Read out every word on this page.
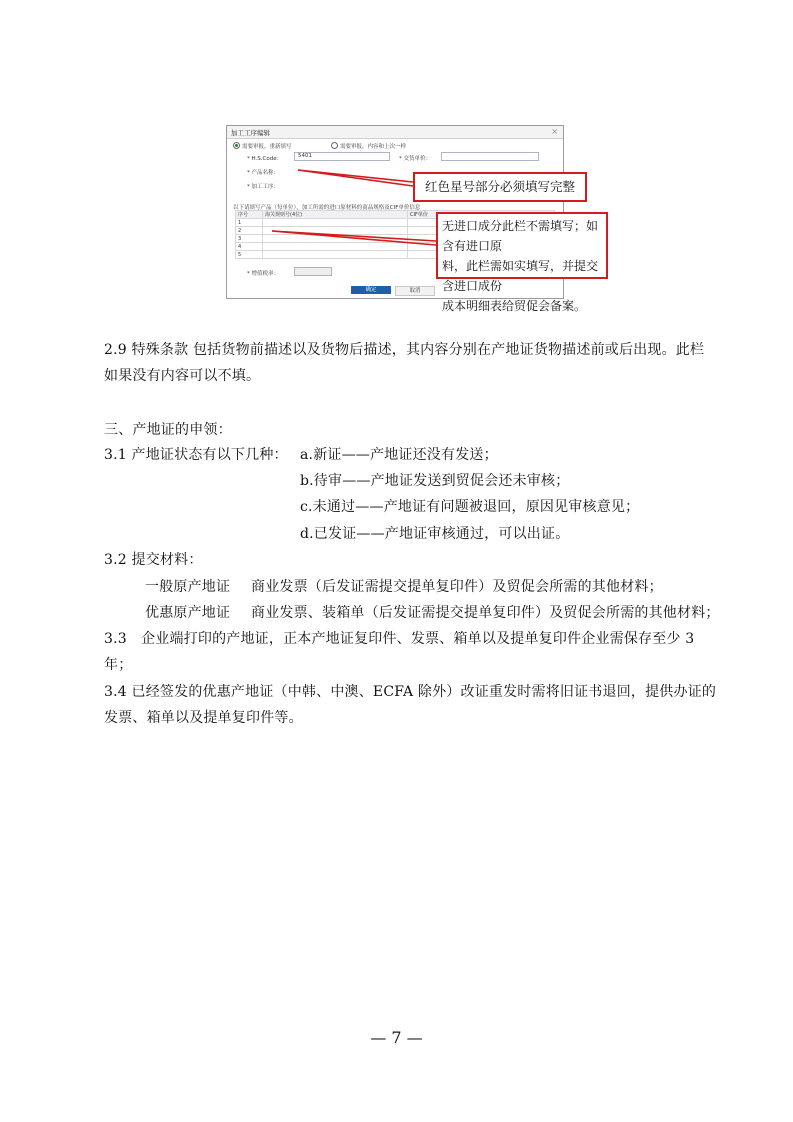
加工工序编辑	×
需要审报，重新填写	需要审报，内容和上次一样
* H.S.Code：	5401	* 交货单价：
* 产品名称：
* 加工工序：
以下请填写产品（每单位），加工所需的进口原材料的商品规格及CIF单价信息
序号	海关规则号(4位)	CIF单价
1		
2		
3		
4		
5		
* 增值税率：
确定	取消
红色星号部分必须填写完整
无进口成分此栏不需填写；如含有进口原
料，此栏需如实填写，并提交含进口成份
成本明细表给贸促会备案。
2.9 特殊条款 包括货物前描述以及货物后描述，其内容分别在产地证货物描述前或后出现。此栏
如果没有内容可以不填。
三、产地证的申领：
3.1 产地证状态有以下几种： a.新证——产地证还没有发送；
b.待审——产地证发送到贸促会还未审核；
c.未通过——产地证有问题被退回，原因见审核意见；
d.已发证——产地证审核通过，可以出证。
3.2 提交材料：
一般原产地证 商业发票（后发证需提交提单复印件）及贸促会所需的其他材料；
优惠原产地证 商业发票、装箱单（后发证需提交提单复印件）及贸促会所需的其他材料；
3.3　企业端打印的产地证，正本产地证复印件、发票、箱单以及提单复印件企业需保存至少 3
年；
3.4 已经签发的优惠产地证（中韩、中澳、ECFA 除外）改证重发时需将旧证书退回，提供办证的
发票、箱单以及提单复印件等。
— 7 —
